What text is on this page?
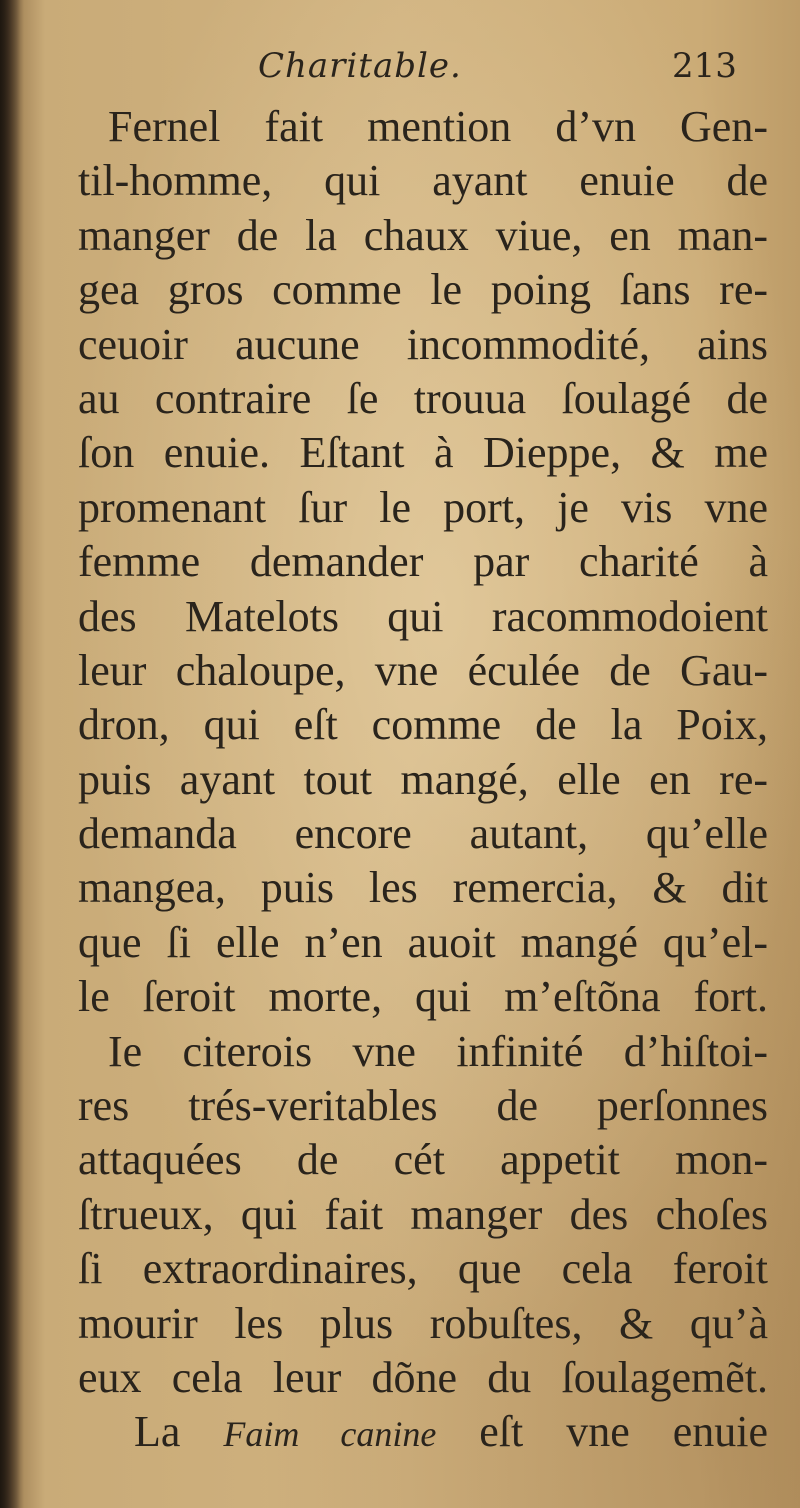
Charitable.	213
Fernel fait mention d’vn Gen-
til-homme, qui ayant enuie de
manger de la chaux viue, en man-
gea gros comme le poing ſans re-
ceuoir aucune incommodité, ains
au contraire ſe trouua ſoulagé de
ſon enuie. Eſtant à Dieppe, & me
promenant ſur le port, je vis vne
femme demander par charité à
des Matelots qui racommodoient
leur chaloupe, vne éculée de Gau-
dron, qui eſt comme de la Poix,
puis ayant tout mangé, elle en re-
demanda encore autant, qu’elle
mangea, puis les remercia, & dit
que ſi elle n’en auoit mangé qu’el-
le ſeroit morte, qui m’eſtõna fort.
Ie citerois vne infinité d’hiſtoi-
res trés-veritables de perſonnes
attaquées de cét appetit mon-
ſtrueux, qui fait manger des choſes
ſi extraordinaires, que cela feroit
mourir les plus robuſtes, & qu’à
eux cela leur dõne du ſoulagemẽt.
La Faim canine eſt vne enuie
